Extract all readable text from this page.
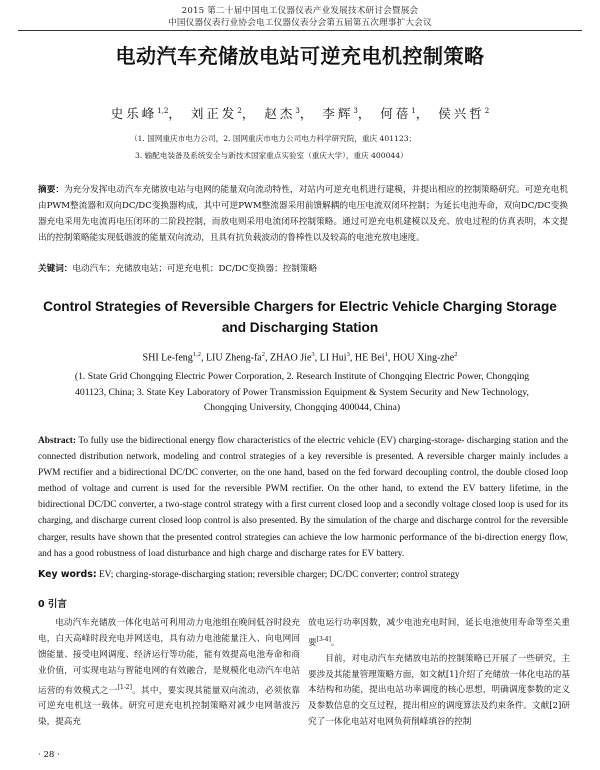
2015 第二十届中国电工仪器仪表产业发展技术研讨会暨展会
中国仪器仪表行业协会电工仪器仪表分会第五届第五次理事扩大会议
电动汽车充储放电站可逆充电机控制策略
史乐峰$^{1,2}$， 刘正发$^2$， 赵杰$^3$， 李辉$^3$， 何蓓$^1$， 侯兴哲$^2$
（1. 国网重庆市电力公司，2. 国网重庆市电力公司电力科学研究院，重庆 401123；
3. 输配电装备及系统安全与新技术国家重点实验室（重庆大学），重庆 400044）
摘要：为充分发挥电动汽车充储放电站与电网的能量双向流动特性，对站内可逆充电机进行建模，并提出相应的控制策略研究。可逆充电机由PWM整流器和双向DC/DC变换器构成，其中可逆PWM整流器采用前馈解耦的电压电流双闭环控制；为延长电池寿命，双向DC/DC变换器充电采用先电流再电压闭环的二阶段控制，而放电则采用电流闭环控制策略。通过可逆充电机建模以及充、放电过程的仿真表明，本文提出的控制策略能实现低谐波的能量双向流动，且具有抗负载波动的鲁棒性以及较高的电池充放电速度。
关键词：电动汽车；充储放电站；可逆充电机；DC/DC变换器；控制策略
Control Strategies of Reversible Chargers for Electric Vehicle Charging Storage and Discharging Station
SHI Le-feng$^{1,2}$, LIU Zheng-$fa^2$, ZHAO Jie$^3$, LI Hui$^3$, HE Bei$^1$, HOU Xing-zhe$^2$
(1. State Grid Chongqing Electric Power Corporation, 2. Research Institute of Chongqing Electric Power, Chongqing 401123, China; 3. State Key Laboratory of Power Transmission Equipment & System Security and New Technology, Chongqing University, Chongqing 400044, China)
Abstract: To fully use the bidirectional energy flow characteristics of the electric vehicle (EV) charging-storage- discharging station and the connected distribution network, modeling and control strategies of a key reversible is presented. A reversible charger mainly includes a PWM rectifier and a bidirectional DC/DC converter, on the one hand, based on the fed forward decoupling control, the double closed loop method of voltage and current is used for the reversible PWM rectifier. On the other hand, to extend the EV battery lifetime, in the bidirectional DC/DC converter, a two-stage control strategy with a first current closed loop and a secondly voltage closed loop is used for its charging, and discharge current closed loop control is also presented. By the simulation of the charge and discharge control for the reversible charger, results have shown that the presented control strategies can achieve the low harmonic performance of the bi-direction energy flow, and has a good robustness of load disturbance and high charge and discharge rates for EV battery.
Key words: EV; charging-storage-discharging station; reversible charger; DC/DC converter; control strategy
0 引言

电动汽车充储放一体化电站可利用动力电池组在晚间低谷时段充电，白天高峰时段充电并网送电，具有动力电池能量注入、向电网回馈能量、接受电网调度、经济运行等功能，能有效提高电池寿命和商业价值，可实现电站与智能电网的有效融合，是规模化电动汽车电站运营的有效模式之一[1-2]。其中，要实现其能量双向流动，必须依靠可逆充电机这一载体。研究可逆充电机控制策略对减少电网谐波污染，提高充

放电运行功率因数，减少电池充电时间，延长电池使用寿命等至关重要[3-4]。

目前，对电动汽车充储放电站的控制策略已开展了一些研究，主要涉及其能量管理策略方面，如文献[1]介绍了充储放一体化电站的基本结构和功能，提出电站功率调度的核心思想，明确调度参数的定义及参数信息的交互过程，提出相应的调度算法及约束条件。文献[2]研究了一体化电站对电网负荷削峰填谷的控制

· 28 ·
